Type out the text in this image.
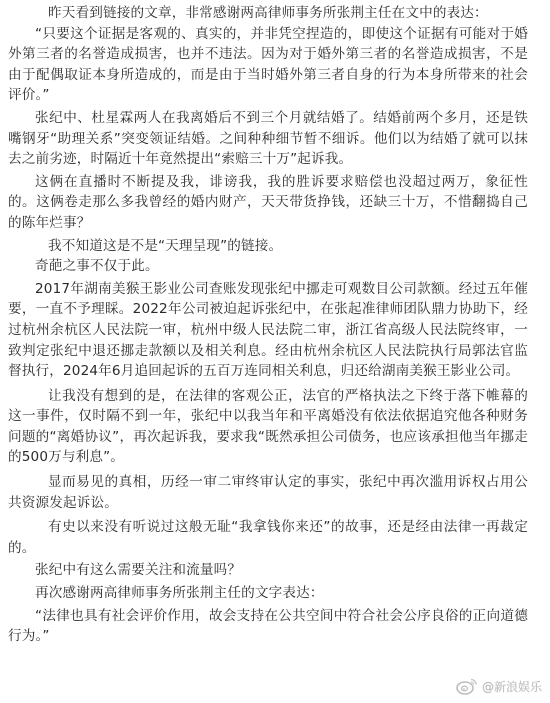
昨天看到链接的文章，非常感谢两高律师事务所张荆主任在文中的表达：

“只要这个证据是客观的、真实的，并非凭空捏造的，即使这个证据有可能对于婚外第三者的名誉造成损害，也并不违法。因为对于婚外第三者的名誉造成损害，不是由于配偶取证本身所造成的，而是由于当时婚外第三者自身的行为本身所带来的社会评价。”

张纪中、杜星霖两人在我离婚后不到三个月就结婚了。结婚前两个多月，还是铁嘴钢牙“助理关系”突变领证结婚。之间种种细节暂不细诉。他们以为结婚了就可以抹去之前劣迹，时隔近十年竟然提出“索赔三十万”起诉我。

这俩在直播时不断提及我，诽谤我，我的胜诉要求赔偿也没超过两万，象征性的。这俩卷走那么多我曾经的婚内财产，天天带货挣钱，还缺三十万，不惜翻捣自己的陈年烂事？

我不知道这是不是“天理呈现”的链接。

奇葩之事不仅于此。

2017年湖南美猴王影业公司查账发现张纪中挪走可观数目公司款额。经过五年催要，一直不予理睬。2022年公司被迫起诉张纪中，在张起准律师团队鼎力协助下，经过杭州余杭区人民法院一审，杭州中级人民法院二审，浙江省高级人民法院终审，一致判定张纪中退还挪走款额以及相关利息。经由杭州余杭区人民法院执行局郭法官监督执行，2024年6月追回起诉的五百万连同相关利息，归还给湖南美猴王影业公司。

让我没有想到的是，在法律的客观公正，法官的严格执法之下终于落下帷幕的这一事件，仅时隔不到一年，张纪中以我当年和平离婚没有依法依据追究他各种财务问题的“离婚协议”，再次起诉我，要求我“既然承担公司债务，也应该承担他当年挪走的500万与利息”。

显而易见的真相，历经一审二审终审认定的事实，张纪中再次滥用诉权占用公共资源发起诉讼。

有史以来没有听说过这般无耻“我拿钱你来还”的故事，还是经由法律一再裁定的。

张纪中有这么需要关注和流量吗？

再次感谢两高律师事务所张荆主任的文字表达：

“法律也具有社会评价作用，故会支持在公共空间中符合社会公序良俗的正向道德行为。”

@新浪娱乐
